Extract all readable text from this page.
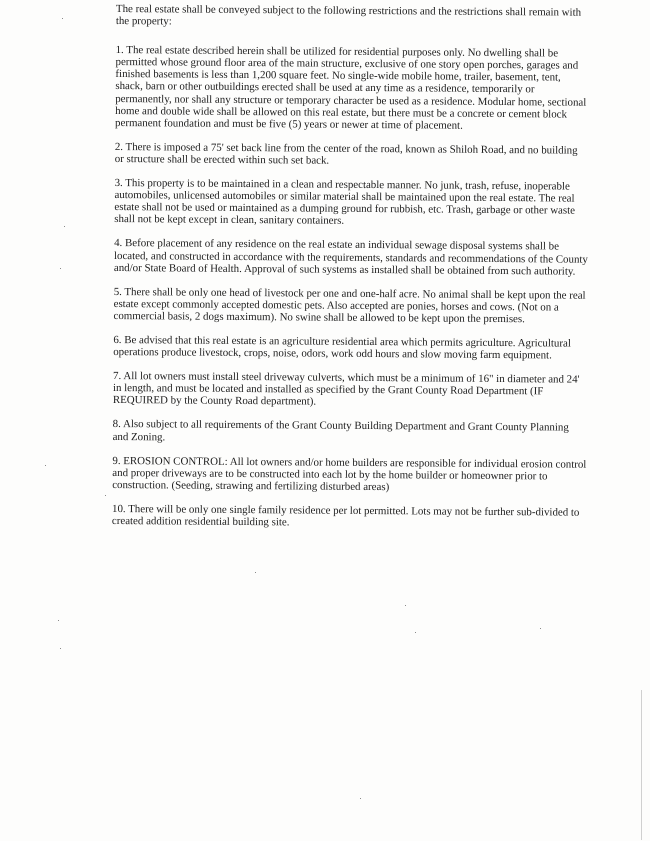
The real estate shall be conveyed subject to the following restrictions and the restrictions shall remain with the property:

1. The real estate described herein shall be utilized for residential purposes only. No dwelling shall be permitted whose ground floor area of the main structure, exclusive of one story open porches, garages and finished basements is less than 1,200 square feet. No single-wide mobile home, trailer, basement, tent, shack, barn or other outbuildings erected shall be used at any time as a residence, temporarily or permanently, nor shall any structure or temporary character be used as a residence. Modular home, sectional home and double wide shall be allowed on this real estate, but there must be a concrete or cement block permanent foundation and must be five (5) years or newer at time of placement.

2. There is imposed a 75' set back line from the center of the road, known as Shiloh Road, and no building or structure shall be erected within such set back.

3. This property is to be maintained in a clean and respectable manner. No junk, trash, refuse, inoperable automobiles, unlicensed automobiles or similar material shall be maintained upon the real estate. The real estate shall not be used or maintained as a dumping ground for rubbish, etc. Trash, garbage or other waste shall not be kept except in clean, sanitary containers.

4. Before placement of any residence on the real estate an individual sewage disposal systems shall be located, and constructed in accordance with the requirements, standards and recommendations of the County and/or State Board of Health. Approval of such systems as installed shall be obtained from such authority.

5. There shall be only one head of livestock per one and one-half acre. No animal shall be kept upon the real estate except commonly accepted domestic pets. Also accepted are ponies, horses and cows. (Not on a commercial basis, 2 dogs maximum). No swine shall be allowed to be kept upon the premises.

6. Be advised that this real estate is an agriculture residential area which permits agriculture. Agricultural operations produce livestock, crops, noise, odors, work odd hours and slow moving farm equipment.

7. All lot owners must install steel driveway culverts, which must be a minimum of 16" in diameter and 24' in length, and must be located and installed as specified by the Grant County Road Department (IF REQUIRED by the County Road department).

8. Also subject to all requirements of the Grant County Building Department and Grant County Planning and Zoning.

9. EROSION CONTROL: All lot owners and/or home builders are responsible for individual erosion control and proper driveways are to be constructed into each lot by the home builder or homeowner prior to construction. (Seeding, strawing and fertilizing disturbed areas)

10. There will be only one single family residence per lot permitted. Lots may not be further sub-divided to created addition residential building site.
